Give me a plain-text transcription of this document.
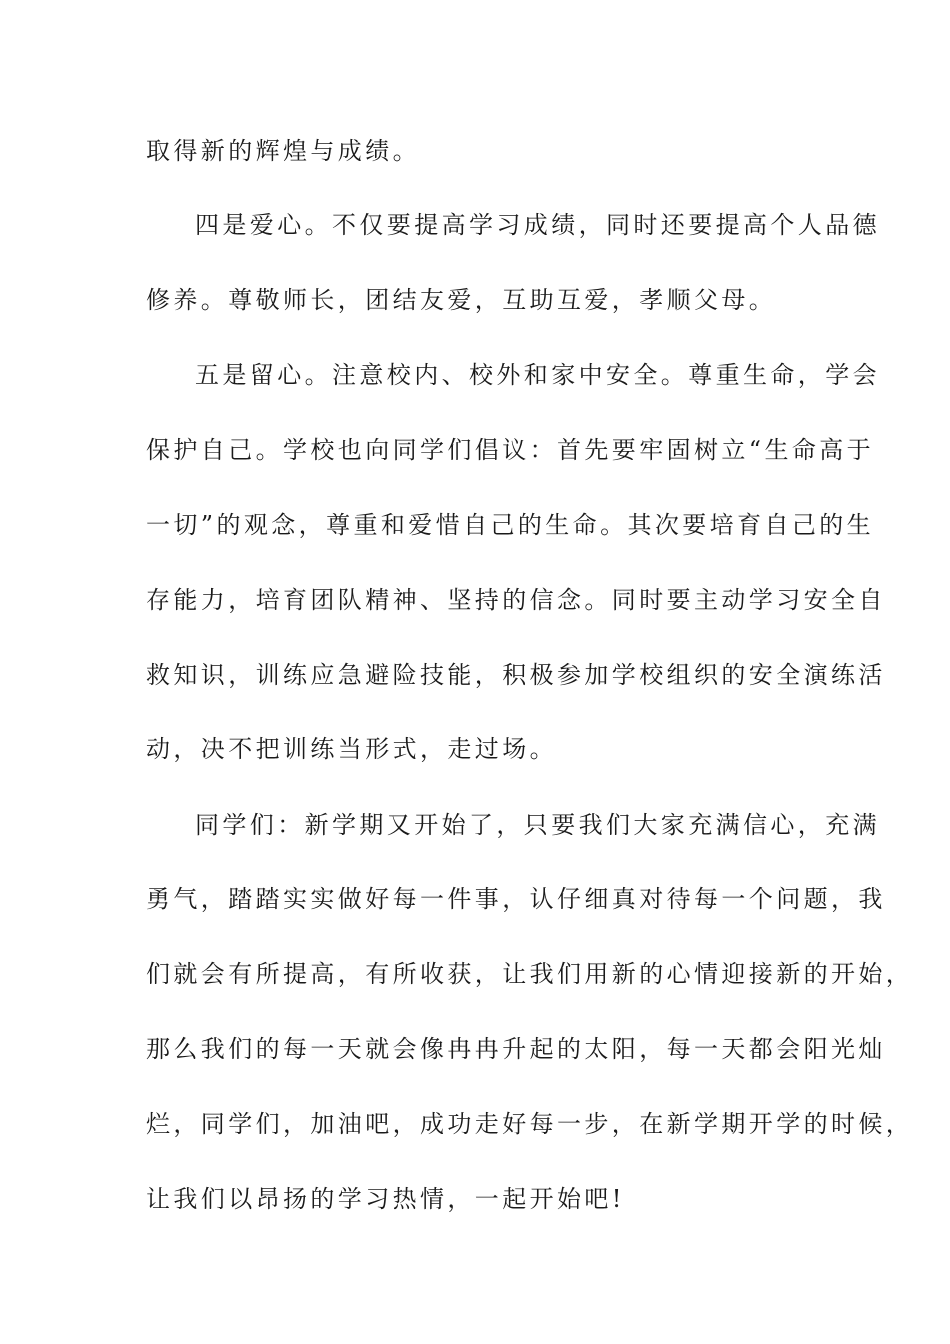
取得新的辉煌与成绩。
四是爱心。不仅要提高学习成绩，同时还要提高个人品德
修养。尊敬师长，团结友爱，互助互爱，孝顺父母。
五是留心。注意校内、校外和家中安全。尊重生命，学会
保护自己。学校也向同学们倡议：首先要牢固树立“生命高于
一切”的观念，尊重和爱惜自己的生命。其次要培育自己的生
存能力，培育团队精神、坚持的信念。同时要主动学习安全自
救知识，训练应急避险技能，积极参加学校组织的安全演练活
动，决不把训练当形式，走过场。
同学们：新学期又开始了，只要我们大家充满信心，充满
勇气，踏踏实实做好每一件事，认仔细真对待每一个问题，我
们就会有所提高，有所收获，让我们用新的心情迎接新的开始，
那么我们的每一天就会像冉冉升起的太阳，每一天都会阳光灿
烂，同学们，加油吧，成功走好每一步，在新学期开学的时候，
让我们以昂扬的学习热情，一起开始吧!
